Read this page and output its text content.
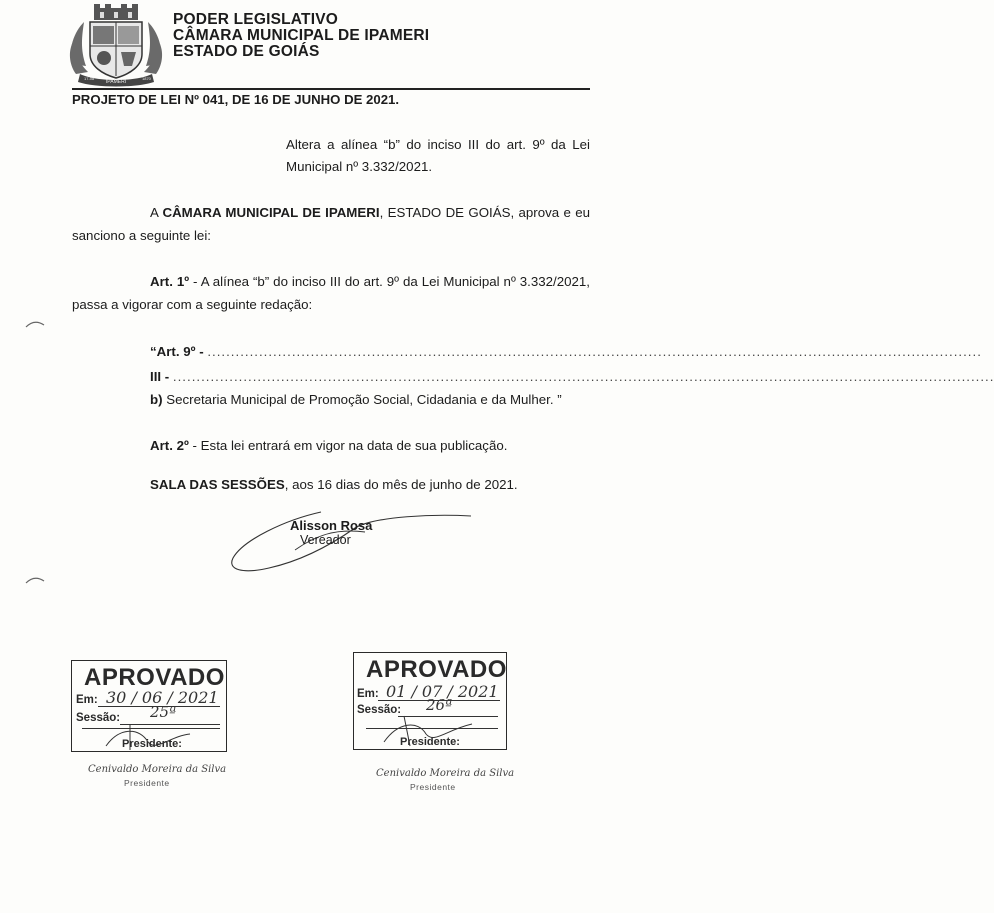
IPAMERI
17-08	1870
PODER LEGISLATIVO
CÂMARA MUNICIPAL DE IPAMERI
ESTADO DE GOIÁS
PROJETO DE LEI Nº 041, DE 16 DE JUNHO DE 2021.
Altera a alínea “b” do inciso III do art. 9º da Lei
Municipal nº 3.332/2021.
A CÂMARA MUNICIPAL DE IPAMERI, ESTADO DE GOIÁS, aprova e eu
sanciono a seguinte lei:
Art. 1º - A alínea “b” do inciso III do art. 9º da Lei Municipal nº 3.332/2021,
passa a vigorar com a seguinte redação:
“Art. 9º - .....................................................................................................................................................................
III - ...............................................................................................................................................................................
b) Secretaria Municipal de Promoção Social, Cidadania e da Mulher. ”
Art. 2º - Esta lei entrará em vigor na data de sua publicação.
SALA DAS SESSÕES, aos 16 dias do mês de junho de 2021.
Alisson Rosa
Vereador
APROVADO
Em: 30 / 06 / 2021
Sessão: 25ª
Presidente:
Cenivaldo Moreira da Silva
Presidente
APROVADO
Em: 01 / 07 / 2021
Sessão: 26ª
Presidente:
Cenivaldo Moreira da Silva
Presidente
